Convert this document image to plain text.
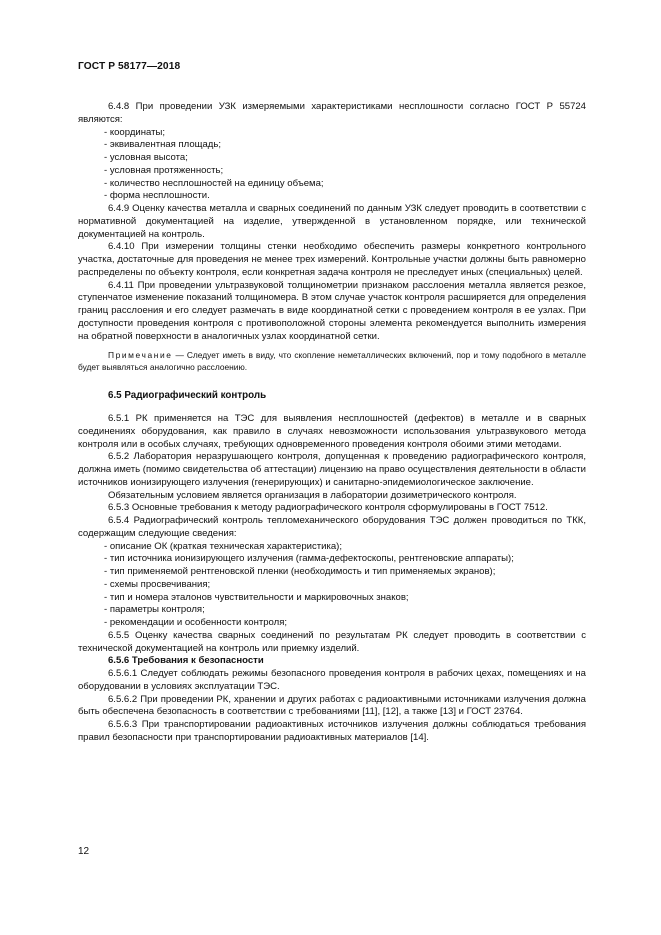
ГОСТ Р 58177—2018

6.4.8 При проведении УЗК измеряемыми характеристиками несплошности согласно ГОСТ Р 55724 являются:

- координаты;

- эквивалентная площадь;

- условная высота;

- условная протяженность;

- количество несплошностей на единицу объема;

- форма несплошности.

6.4.9 Оценку качества металла и сварных соединений по данным УЗК следует проводить в соответствии с нормативной документацией на изделие, утвержденной в установленном порядке, или технической документацией на контроль.

6.4.10 При измерении толщины стенки необходимо обеспечить размеры конкретного контрольного участка, достаточные для проведения не менее трех измерений. Контрольные участки должны быть равномерно распределены по объекту контроля, если конкретная задача контроля не преследует иных (специальных) целей.

6.4.11 При проведении ультразвуковой толщинометрии признаком расслоения металла является резкое, ступенчатое изменение показаний толщиномера. В этом случае участок контроля расширяется для определения границ расслоения и его следует размечать в виде координатной сетки с проведением контроля в ее узлах. При доступности проведения контроля с противоположной стороны элемента рекомендуется выполнить измерения на обратной поверхности в аналогичных узлах координатной сетки.

Примечание — Следует иметь в виду, что скопление неметаллических включений, пор и тому подобного в металле будет выявляться аналогично расслоению.

6.5 Радиографический контроль

6.5.1 РК применяется на ТЭС для выявления несплошностей (дефектов) в металле и в сварных соединениях оборудования, как правило в случаях невозможности использования ультразвукового метода контроля или в особых случаях, требующих одновременного проведения контроля обоими этими методами.

6.5.2 Лаборатория неразрушающего контроля, допущенная к проведению радиографического контроля, должна иметь (помимо свидетельства об аттестации) лицензию на право осуществления деятельности в области источников ионизирующего излучения (генерирующих) и санитарно-эпидемиологическое заключение.

Обязательным условием является организация в лаборатории дозиметрического контроля.

6.5.3 Основные требования к методу радиографического контроля сформулированы в ГОСТ 7512.

6.5.4 Радиографический контроль тепломеханического оборудования ТЭС должен проводиться по ТКК, содержащим следующие сведения:

- описание ОК (краткая техническая характеристика);

- тип источника ионизирующего излучения (гамма-дефектоскопы, рентгеновские аппараты);

- тип применяемой рентгеновской пленки (необходимость и тип применяемых экранов);

- схемы просвечивания;

- тип и номера эталонов чувствительности и маркировочных знаков;

- параметры контроля;

- рекомендации и особенности контроля;

6.5.5 Оценку качества сварных соединений по результатам РК следует проводить в соответствии с технической документацией на контроль или приемку изделий.

6.5.6 Требования к безопасности

6.5.6.1 Следует соблюдать режимы безопасного проведения контроля в рабочих цехах, помещениях и на оборудовании в условиях эксплуатации ТЭС.

6.5.6.2 При проведении РК, хранении и других работах с радиоактивными источниками излучения должна быть обеспечена безопасность в соответствии с требованиями [11], [12], а также [13] и ГОСТ 23764.

6.5.6.3 При транспортировании радиоактивных источников излучения должны соблюдаться требования правил безопасности при транспортировании радиоактивных материалов [14].

12
